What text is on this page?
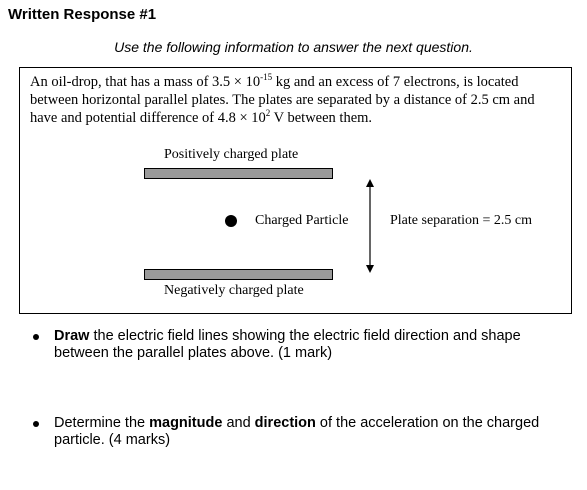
Written Response #1
Use the following information to answer the next question.
An oil-drop, that has a mass of $3.5 \times 10^{-15}$ kg and an excess of 7 electrons, is located between horizontal parallel plates. The plates are separated by a distance of 2.5 cm and have and potential difference of $4.8 \times 10^2$ V between them.
Positively charged plate
Charged Particle	Plate separation = 2.5 cm
Negatively charged plate
Draw the electric field lines showing the electric field direction and shape between the parallel plates above. (1 mark)
Determine the magnitude and direction of the acceleration on the charged particle. (4 marks)
